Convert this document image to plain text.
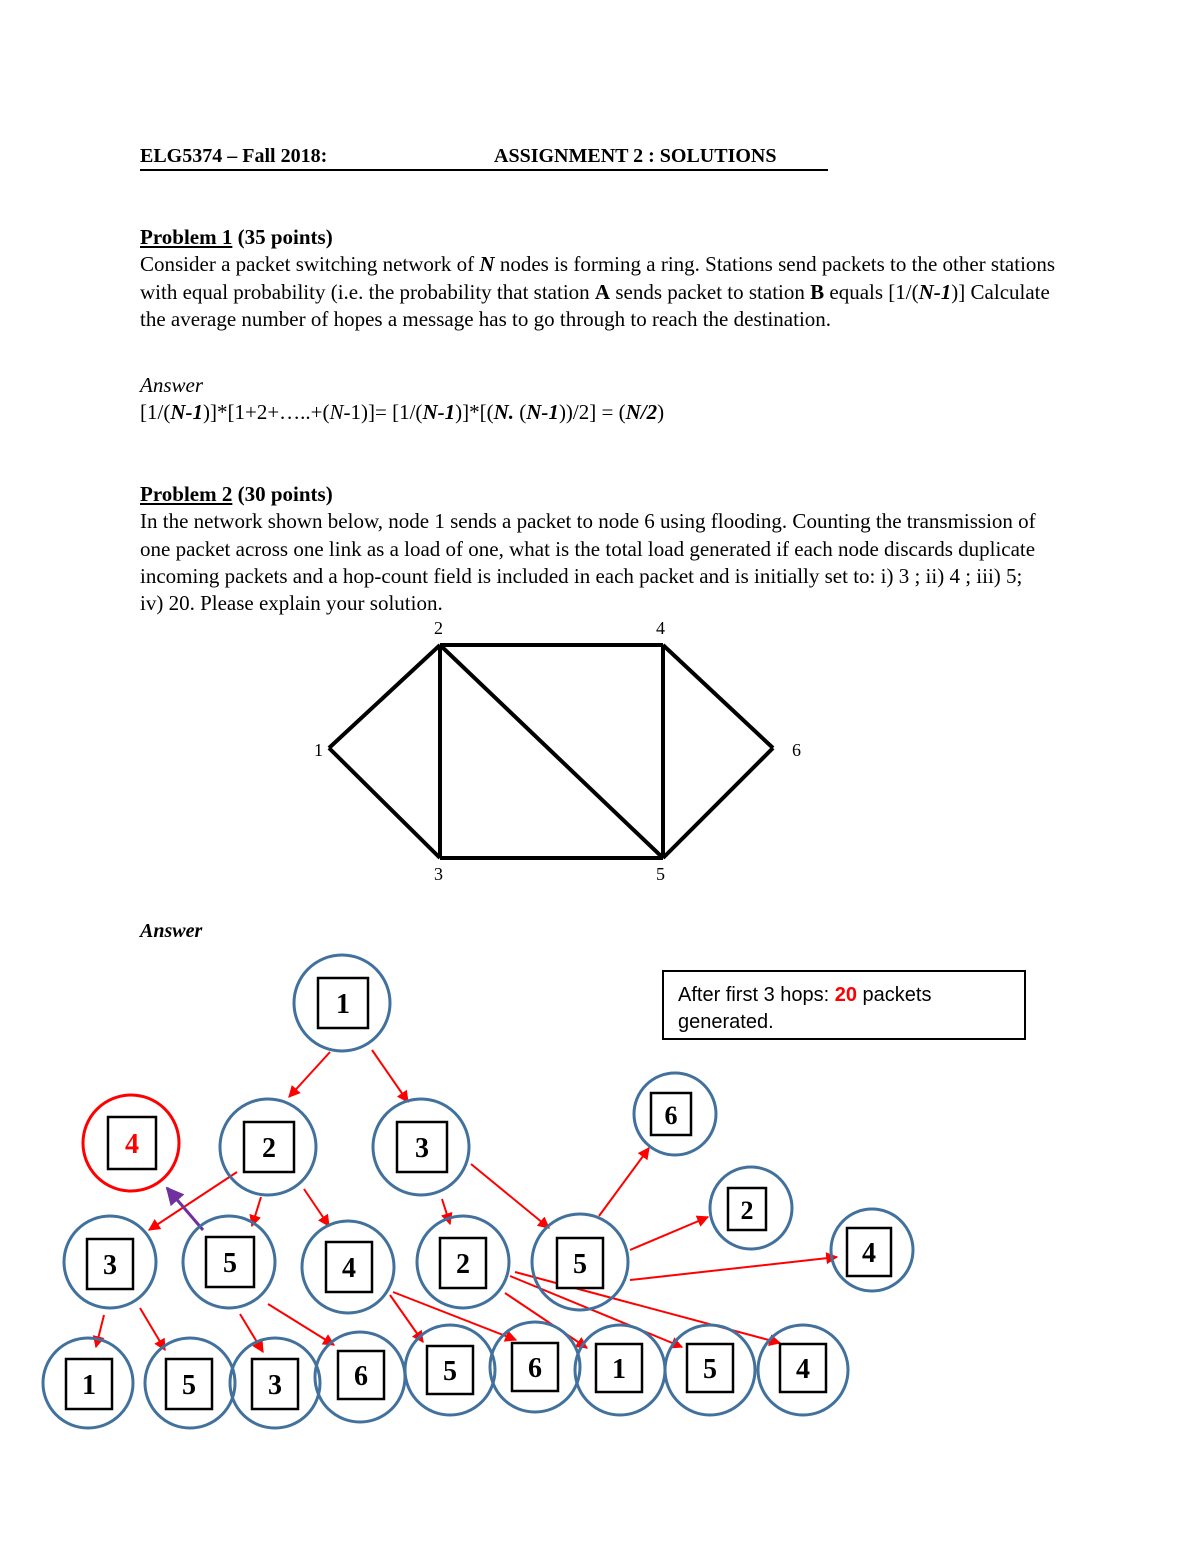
ELG5374 – Fall 2018:	ASSIGNMENT 2 : SOLUTIONS
Problem 1 (35 points)
Consider a packet switching network of N nodes is forming a ring. Stations send packets to the other stations with equal probability (i.e. the probability that station A sends packet to station B equals [1/(N-1)] Calculate the average number of hopes a message has to go through to reach the destination.
Answer
[1/(N-1)]*[1+2+…..+(N-1)]= [1/(N-1)]*[(N. (N-1))/2] = (N/2)
Problem 2 (30 points)
In the network shown below, node 1 sends a packet to node 6 using flooding. Counting the transmission of one packet across one link as a load of one, what is the total load generated if each node discards duplicate incoming packets and a hop-count field is included in each packet and is initially set to: i) 3 ; ii) 4 ; iii) 5; iv) 20. Please explain your solution.
1
2
3
4
5
6
Answer
1
2	3
4
3	5	4	2	5
6
2
4
1	5	3	6	5	6	1	5	4
After first 3 hops: 20 packets generated.
